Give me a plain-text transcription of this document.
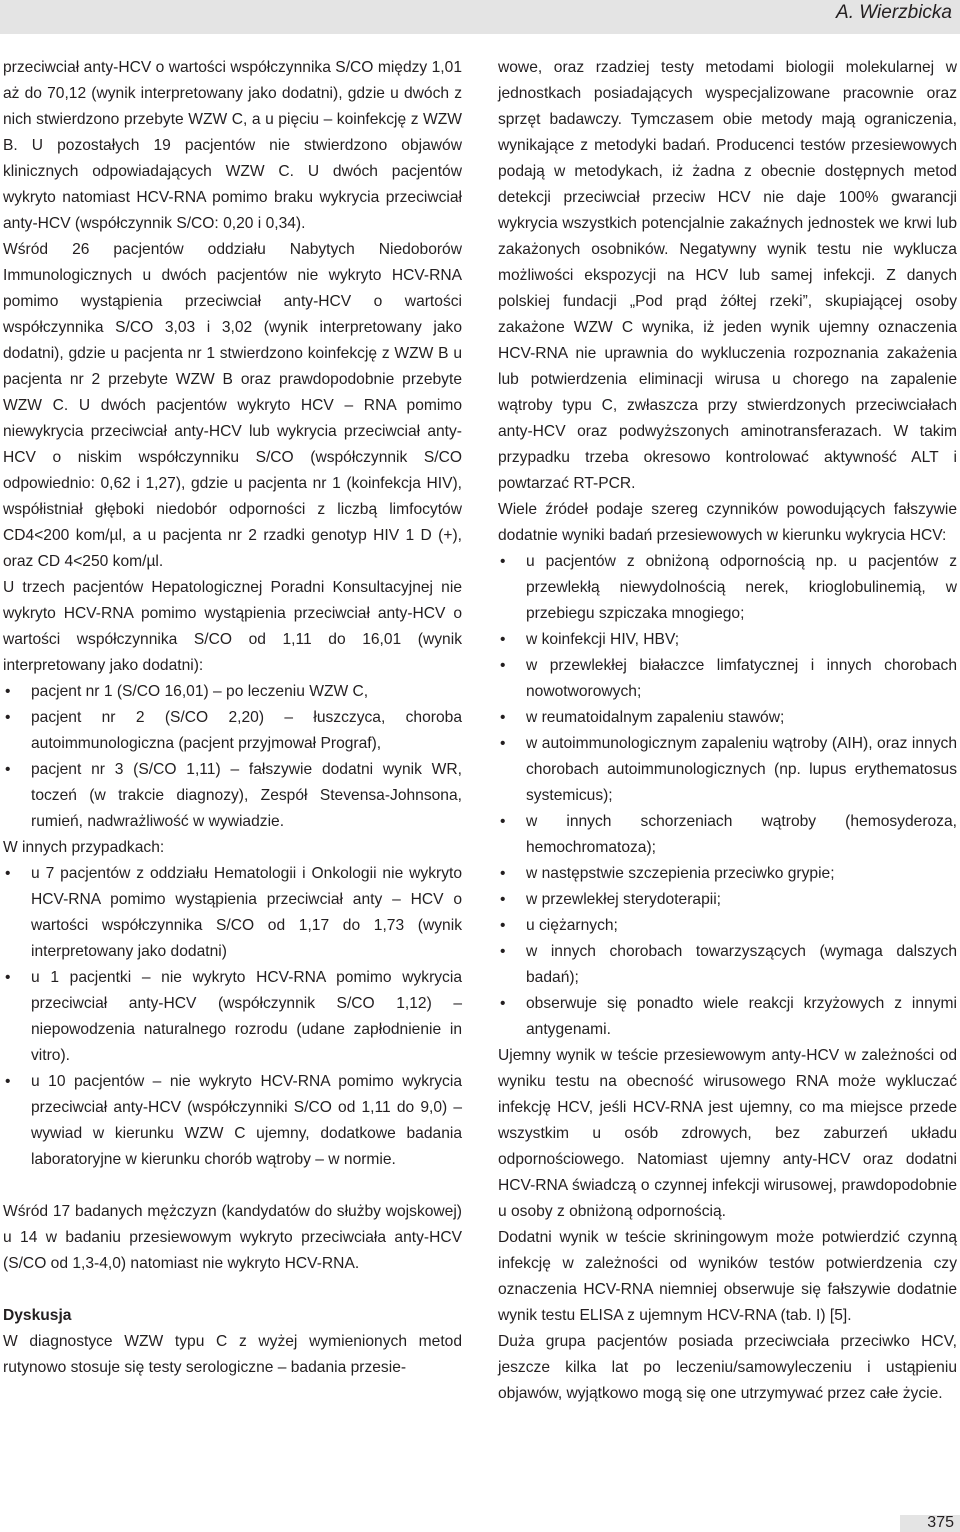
A. Wierzbicka

przeciwciał anty-HCV o wartości współczynnika S/CO między 1,01 aż do 70,12 (wynik interpretowany jako dodatni), gdzie u dwóch z nich stwierdzono przebyte WZW C, a u pięciu – koinfekcję z WZW B. U pozostałych 19 pacjentów nie stwierdzono objawów klinicznych odpowiadających WZW C. U dwóch pacjentów wykryto natomiast HCV-RNA pomimo braku wykrycia przeciwciał anty-HCV (współczynnik S/CO: 0,20 i 0,34).

Wśród 26 pacjentów oddziału Nabytych Niedoborów Immunologicznych u dwóch pacjentów nie wykryto HCV-RNA pomimo wystąpienia przeciwciał anty-HCV o wartości współczynnika S/CO 3,03 i 3,02 (wynik interpretowany jako dodatni), gdzie u pacjenta nr 1 stwierdzono koinfekcję z WZW B u pacjenta nr 2 przebyte WZW B oraz prawdopodobnie przebyte WZW C. U dwóch pacjentów wykryto HCV – RNA pomimo niewykrycia przeciwciał anty-HCV lub wykrycia przeciwciał anty-HCV o niskim współczynniku S/CO (współczynnik S/CO odpowiednio: 0,62 i 1,27), gdzie u pacjenta nr 1 (koinfekcja HIV), współistniał głęboki niedobór odporności z liczbą limfocytów CD4<200 kom/µl, a u pacjenta nr 2 rzadki genotyp HIV 1 D (+), oraz CD 4<250 kom/µl.

U trzech pacjentów Hepatologicznej Poradni Konsultacyjnej nie wykryto HCV-RNA pomimo wystąpienia przeciwciał anty-HCV o wartości współczynnika S/CO od 1,11 do 16,01 (wynik interpretowany jako dodatni):

• pacjent nr 1 (S/CO 16,01) – po leczeniu WZW C,
• pacjent nr 2 (S/CO 2,20) – łuszczyca, choroba autoimmunologiczna (pacjent przyjmował Prograf),
• pacjent nr 3 (S/CO 1,11) – fałszywie dodatni wynik WR, toczeń (w trakcie diagnozy), Zespół Stevensa-Johnsona, rumień, nadwrażliwość w wywiadzie.

W innych przypadkach:

• u 7 pacjentów z oddziału Hematologii i Onkologii nie wykryto HCV-RNA pomimo wystąpienia przeciwciał anty – HCV o wartości współczynnika S/CO od 1,17 do 1,73 (wynik interpretowany jako dodatni)
• u 1 pacjentki – nie wykryto HCV-RNA pomimo wykrycia przeciwciał anty-HCV (współczynnik S/CO 1,12) – niepowodzenia naturalnego rozrodu (udane zapłodnienie in vitro).
• u 10 pacjentów – nie wykryto HCV-RNA pomimo wykrycia przeciwciał anty-HCV (współczynniki S/CO od 1,11 do 9,0) – wywiad w kierunku WZW C ujemny, dodatkowe badania laboratoryjne w kierunku chorób wątroby – w normie.

Wśród 17 badanych mężczyzn (kandydatów do służby wojskowej) u 14 w badaniu przesiewowym wykryto przeciwciała anty-HCV (S/CO od 1,3-4,0) natomiast nie wykryto HCV-RNA.

Dyskusja

W diagnostyce WZW typu C z wyżej wymienionych metod rutynowo stosuje się testy serologiczne – badania przesie-

wowe, oraz rzadziej testy metodami biologii molekularnej w jednostkach posiadających wyspecjalizowane pracownie oraz sprzęt badawczy. Tymczasem obie metody mają ograniczenia, wynikające z metodyki badań. Producenci testów przesiewowych podają w metodykach, iż żadna z obecnie dostępnych metod detekcji przeciwciał przeciw HCV nie daje 100% gwarancji wykrycia wszystkich potencjalnie zakaźnych jednostek we krwi lub zakażonych osobników. Negatywny wynik testu nie wyklucza możliwości ekspozycji na HCV lub samej infekcji. Z danych polskiej fundacji „Pod prąd żółtej rzeki”, skupiającej osoby zakażone WZW C wynika, iż jeden wynik ujemny oznaczenia HCV-RNA nie uprawnia do wykluczenia rozpoznania zakażenia lub potwierdzenia eliminacji wirusa u chorego na zapalenie wątroby typu C, zwłaszcza przy stwierdzonych przeciwciałach anty-HCV oraz podwyższonych aminotransferazach. W takim przypadku trzeba okresowo kontrolować aktywność ALT i powtarzać RT-PCR.

Wiele źródeł podaje szereg czynników powodujących fałszywie dodatnie wyniki badań przesiewowych w kierunku wykrycia HCV:

• u pacjentów z obniżoną odpornością np. u pacjentów z przewlekłą niewydolnością nerek, krioglobulinemią, w przebiegu szpiczaka mnogiego;
• w koinfekcji HIV, HBV;
• w przewlekłej białaczce limfatycznej i innych chorobach nowotworowych;
• w reumatoidalnym zapaleniu stawów;
• w autoimmunologicznym zapaleniu wątroby (AIH), oraz innych chorobach autoimmunologicznych (np. lupus erythematosus systemicus);
• w innych schorzeniach wątroby (hemosyderoza, hemochromatoza);
• w następstwie szczepienia przeciwko grypie;
• w przewlekłej sterydoterapii;
• u ciężarnych;
• w innych chorobach towarzyszących (wymaga dalszych badań);
• obserwuje się ponadto wiele reakcji krzyżowych z innymi antygenami.

Ujemny wynik w teście przesiewowym anty-HCV w zależności od wyniku testu na obecność wirusowego RNA może wykluczać infekcję HCV, jeśli HCV-RNA jest ujemny, co ma miejsce przede wszystkim u osób zdrowych, bez zaburzeń układu odpornościowego. Natomiast ujemny anty-HCV oraz dodatni HCV-RNA świadczą o czynnej infekcji wirusowej, prawdopodobnie u osoby z obniżoną odpornością.

Dodatni wynik w teście skriningowym może potwierdzić czynną infekcję w zależności od wyników testów potwierdzenia czy oznaczenia HCV-RNA niemniej obserwuje się fałszywie dodatnie wynik testu ELISA z ujemnym HCV-RNA (tab. I) [5].

Duża grupa pacjentów posiada przeciwciała przeciwko HCV, jeszcze kilka lat po leczeniu/samowyleczeniu i ustąpieniu objawów, wyjątkowo mogą się one utrzymywać przez całe życie.

375
